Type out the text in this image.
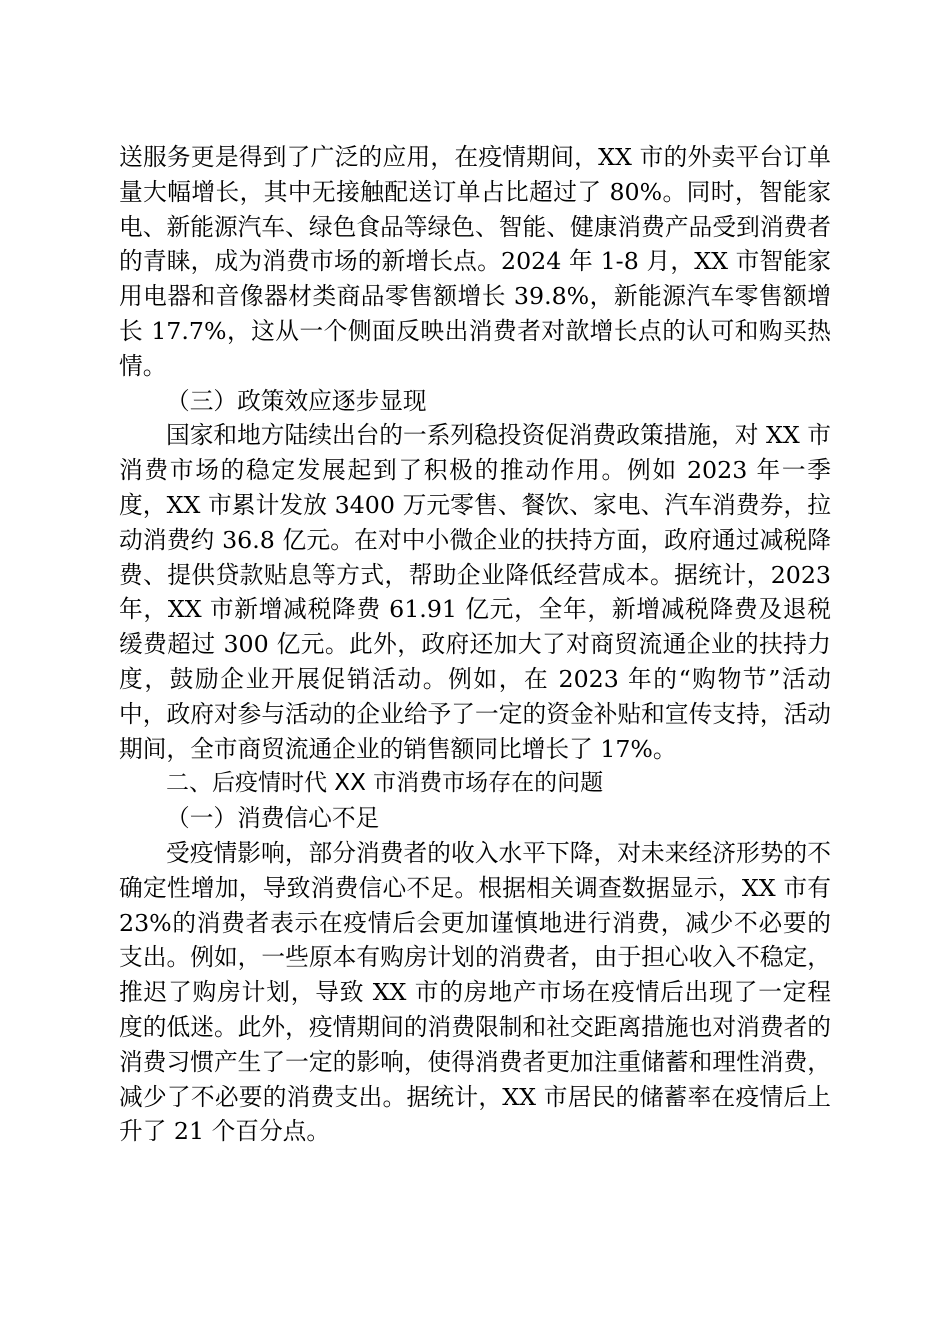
送服务更是得到了广泛的应用，在疫情期间，XX 市的外卖平台订单量大幅增长，其中无接触配送订单占比超过了 80%。同时，智能家电、新能源汽车、绿色食品等绿色、智能、健康消费产品受到消费者的青睐，成为消费市场的新增长点。2024 年 1-8 月，XX 市智能家用电器和音像器材类商品零售额增长 39.8%，新能源汽车零售额增长 17.7%，这从一个侧面反映出消费者对歆增长点的认可和购买热情。

（三）政策效应逐步显现

国家和地方陆续出台的一系列稳投资促消费政策措施，对 XX 市消费市场的稳定发展起到了积极的推动作用。例如 2023 年一季度，XX 市累计发放 3400 万元零售、餐饮、家电、汽车消费券，拉动消费约 36.8 亿元。在对中小微企业的扶持方面，政府通过减税降费、提供贷款贴息等方式，帮助企业降低经营成本。据统计，2023 年，XX 市新增减税降费 61.91 亿元，全年，新增减税降费及退税缓费超过 300 亿元。此外，政府还加大了对商贸流通企业的扶持力度，鼓励企业开展促销活动。例如，在 2023 年的“购物节”活动中，政府对参与活动的企业给予了一定的资金补贴和宣传支持，活动期间，全市商贸流通企业的销售额同比增长了 17%。

二、后疫情时代 XX 市消费市场存在的问题

（一）消费信心不足

受疫情影响，部分消费者的收入水平下降，对未来经济形势的不确定性增加，导致消费信心不足。根据相关调查数据显示，XX 市有 23%的消费者表示在疫情后会更加谨慎地进行消费，减少不必要的支出。例如，一些原本有购房计划的消费者，由于担心收入不稳定，推迟了购房计划，导致 XX 市的房地产市场在疫情后出现了一定程度的低迷。此外，疫情期间的消费限制和社交距离措施也对消费者的消费习惯产生了一定的影响，使得消费者更加注重储蓄和理性消费，减少了不必要的消费支出。据统计，XX 市居民的储蓄率在疫情后上升了 21 个百分点。
